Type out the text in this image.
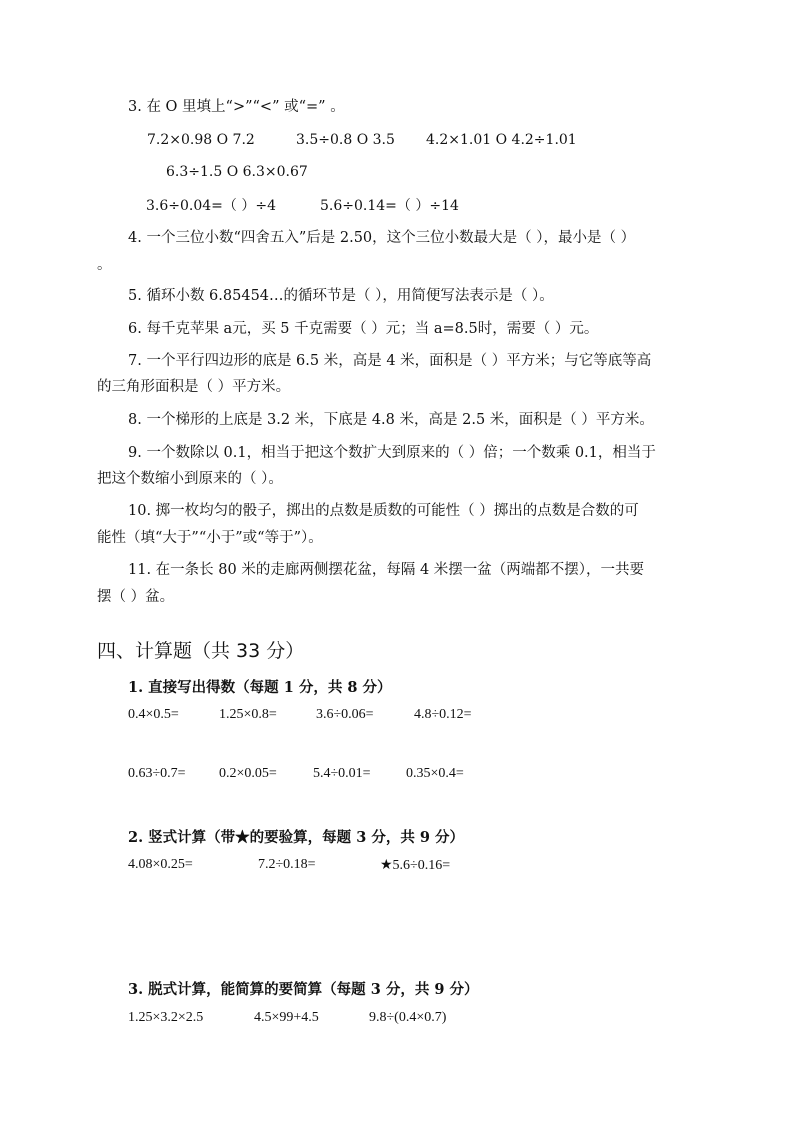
3. 在 O 里填上“>”“<” 或“=” 。
7.2×0.98 O 7.2	3.5÷0.8 O 3.5 4.2×1.01 O 4.2÷1.01
6.3÷1.5 O 6.3×0.67
3.6÷0.04=（ ）÷4	5.6÷0.14=（ ）÷14
4. 一个三位小数“四舍五入”后是 2.50，这个三位小数最大是（ ），最小是（ ）
。
5. 循环小数 6.85454…的循环节是（ ），用简便写法表示是（ ）。
6. 每千克苹果 a元，买 5 千克需要（ ）元；当 a=8.5时，需要（ ）元。
7. 一个平行四边形的底是 6.5 米，高是 4 米，面积是（ ）平方米；与它等底等高
的三角形面积是（ ）平方米。
8. 一个梯形的上底是 3.2 米，下底是 4.8 米，高是 2.5 米，面积是（ ）平方米。
9. 一个数除以 0.1，相当于把这个数扩大到原来的（ ）倍；一个数乘 0.1，相当于
把这个数缩小到原来的（ ）。
10. 掷一枚均匀的骰子，掷出的点数是质数的可能性（ ）掷出的点数是合数的可
能性（填“大于”“小于”或“等于”）。
11. 在一条长 80 米的走廊两侧摆花盆，每隔 4 米摆一盆（两端都不摆），一共要
摆（ ）盆。
四、计算题（共 33 分）
1. 直接写出得数（每题 1 分，共 8 分）
0.4×0.5=	1.25×0.8=	3.6÷0.06=	4.8÷0.12=
0.63÷0.7= 0.2×0.05=	5.4÷0.01=	0.35×0.4=
2. 竖式计算（带★的要验算，每题 3 分，共 9 分）
4.08×0.25=	7.2÷0.18=	★5.6÷0.16=
3. 脱式计算，能简算的要简算（每题 3 分，共 9 分）
1.25×3.2×2.5	4.5×99+4.5	9.8÷(0.4×0.7)
